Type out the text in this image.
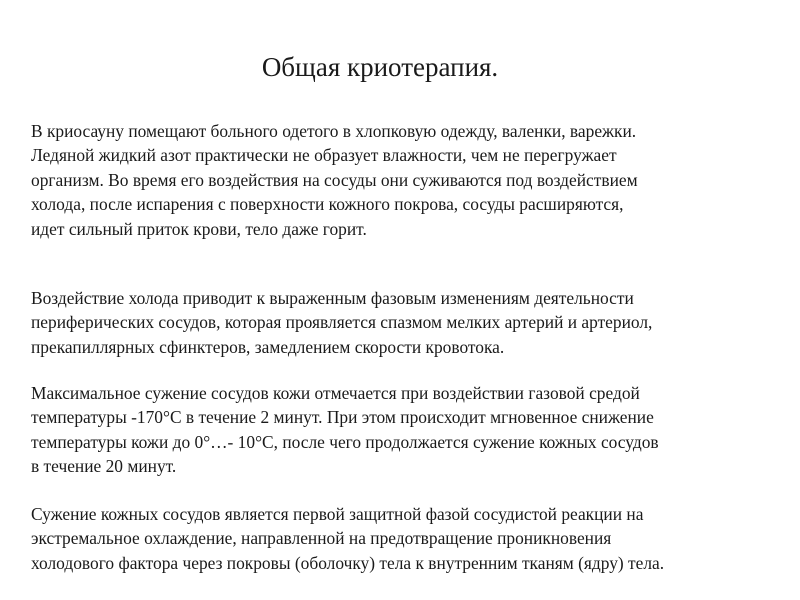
Общая криотерапия.

В криосауну помещают больного одетого в хлопковую одежду, валенки, варежки.
Ледяной жидкий азот практически не образует влажности, чем не перегружает
организм. Во время его воздействия на сосуды они суживаются под воздействием
холода, после испарения с поверхности кожного покрова, сосуды расширяются,
идет сильный приток крови, тело даже горит.

Воздействие холода приводит к выраженным фазовым изменениям деятельности
периферических сосудов, которая проявляется спазмом мелких артерий и артериол,
прекапиллярных сфинктеров, замедлением скорости кровотока.

Максимальное сужение сосудов кожи отмечается при воздействии газовой средой
температуры -170°С в течение 2 минут. При этом происходит мгновенное снижение
температуры кожи до 0°…- 10°С, после чего продолжается сужение кожных сосудов
в течение 20 минут.

Сужение кожных сосудов является первой защитной фазой сосудистой реакции на
экстремальное охлаждение, направленной на предотвращение проникновения
холодового фактора через покровы (оболочку) тела к внутренним тканям (ядру) тела.
